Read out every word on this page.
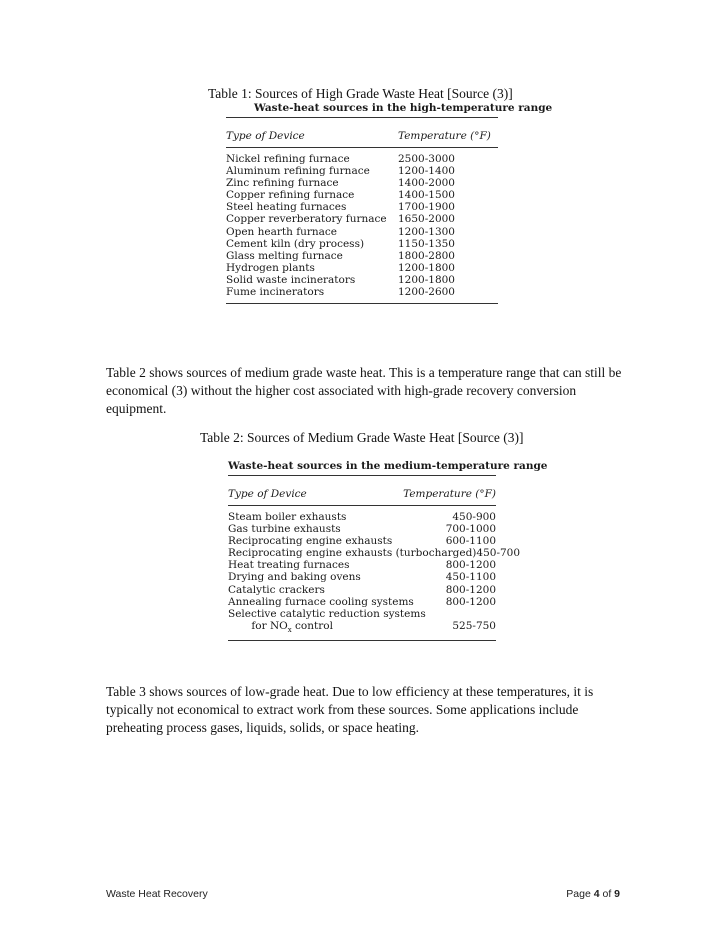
Table 1: Sources of High Grade Waste Heat [Source (3)]
Waste-heat sources in the high-temperature range
Type of Device	Temperature (°F)
Nickel refining furnace	2500-3000
Aluminum refining furnace	1200-1400
Zinc refining furnace	1400-2000
Copper refining furnace	1400-1500
Steel heating furnaces	1700-1900
Copper reverberatory furnace 1650-2000
Open hearth furnace	1200-1300
Cement kiln (dry process)	1150-1350
Glass melting furnace	1800-2800
Hydrogen plants	1200-1800
Solid waste incinerators	1200-1800
Fume incinerators	1200-2600
Table 2 shows sources of medium grade waste heat. This is a temperature range that can still be economical (3) without the higher cost associated with high-grade recovery conversion equipment.
Table 2: Sources of Medium Grade Waste Heat [Source (3)]
Waste-heat sources in the medium-temperature range
Type of Device	Temperature (°F)
Steam boiler exhausts	450-900
Gas turbine exhausts	700-1000
Reciprocating engine exhausts	600-1100
Reciprocating engine exhausts (turbocharged) 450-700
Heat treating furnaces	800-1200
Drying and baking ovens	450-1100
Catalytic crackers	800-1200
Annealing furnace cooling systems	800-1200
Selective catalytic reduction systems
for $NO_x$ control	525-750
Table 3 shows sources of low-grade heat. Due to low efficiency at these temperatures, it is typically not economical to extract work from these sources. Some applications include preheating process gases, liquids, solids, or space heating.
Waste Heat Recovery	Page 4 of 9
